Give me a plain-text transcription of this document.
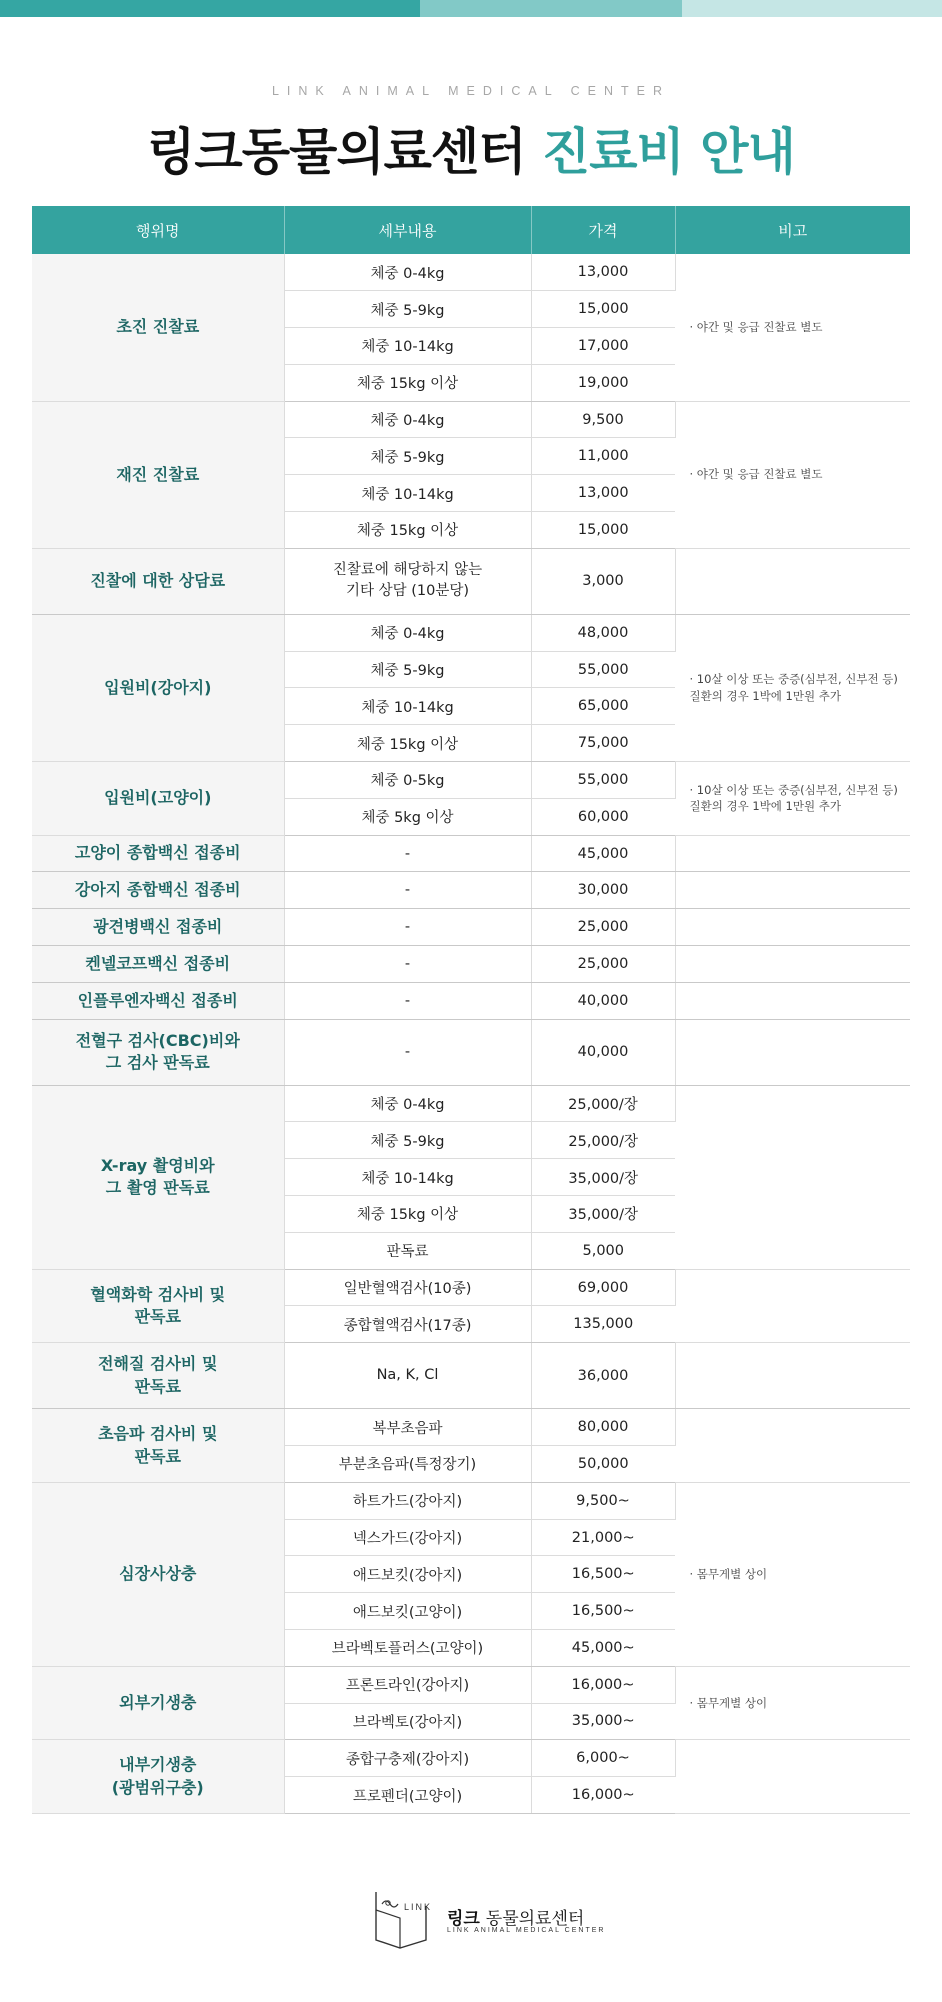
LINK ANIMAL MEDICAL CENTER
링크동물의료센터 진료비 안내
행위명	세부내용	가격	비고
초진 진찰료	체중 0-4kg	13,000	· 야간 및 응급 진찰료 별도
	체중 5-9kg	15,000	
	체중 10-14kg	17,000	
	체중 15kg 이상	19,000	
재진 진찰료	체중 0-4kg	9,500	· 야간 및 응급 진찰료 별도
	체중 5-9kg	11,000	
	체중 10-14kg	13,000	
	체중 15kg 이상	15,000	
진찰에 대한 상담료	진찰료에 해당하지 않는
기타 상담 (10분당)	3,000	
입원비(강아지)	체중 0-4kg	48,000	· 10살 이상 또는 중증(심부전, 신부전 등)
질환의 경우 1박에 1만원 추가
	체중 5-9kg	55,000	
	체중 10-14kg	65,000	
	체중 15kg 이상	75,000	
입원비(고양이)	체중 0-5kg	55,000	· 10살 이상 또는 중증(심부전, 신부전 등)
질환의 경우 1박에 1만원 추가
	체중 5kg 이상	60,000	
고양이 종합백신 접종비	-	45,000	
강아지 종합백신 접종비	-	30,000	
광견병백신 접종비	-	25,000	
켄넬코프백신 접종비	-	25,000	
인플루엔자백신 접종비	-	40,000	
전혈구 검사(CBC)비와
그 검사 판독료	-	40,000	
X-ray 촬영비와
그 촬영 판독료	체중 0-4kg	25,000/장	
	체중 5-9kg	25,000/장	
	체중 10-14kg	35,000/장	
	체중 15kg 이상	35,000/장	
	판독료	5,000	
혈액화학 검사비 및
판독료	일반혈액검사(10종)	69,000	
	종합혈액검사(17종)	135,000	
전해질 검사비 및
판독료	Na, K, Cl	36,000	
초음파 검사비 및
판독료	복부초음파	80,000	
	부분초음파(특정장기)	50,000	
심장사상충	하트가드(강아지)	9,500~	· 몸무게별 상이
	넥스가드(강아지)	21,000~	
	애드보킷(강아지)	16,500~	
	애드보킷(고양이)	16,500~	
	브라벡토플러스(고양이)	45,000~	
외부기생충	프론트라인(강아지)	16,000~	· 몸무게별 상이
	브라벡토(강아지)	35,000~	
내부기생충
(광범위구충)	종합구충제(강아지)	6,000~	
	프로펜더(고양이)	16,000~	
LINK
링크 동물의료센터
LINK ANIMAL MEDICAL CENTER
